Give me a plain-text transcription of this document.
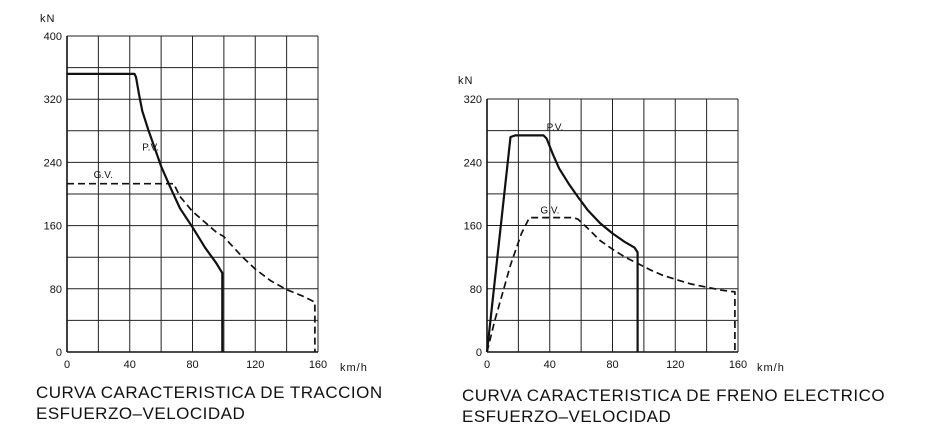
0	40	80	120	160
0
80
160
240
320
400
kN
km/h
P.V.
G.V.
0	40	80	120	160
0
80
160
240
320
kN
km/h
P.V.
G.V.
CURVA CARACTERISTICA DE TRACCION
ESFUERZO–VELOCIDAD
CURVA CARACTERISTICA DE FRENO ELECTRICO
ESFUERZO–VELOCIDAD
